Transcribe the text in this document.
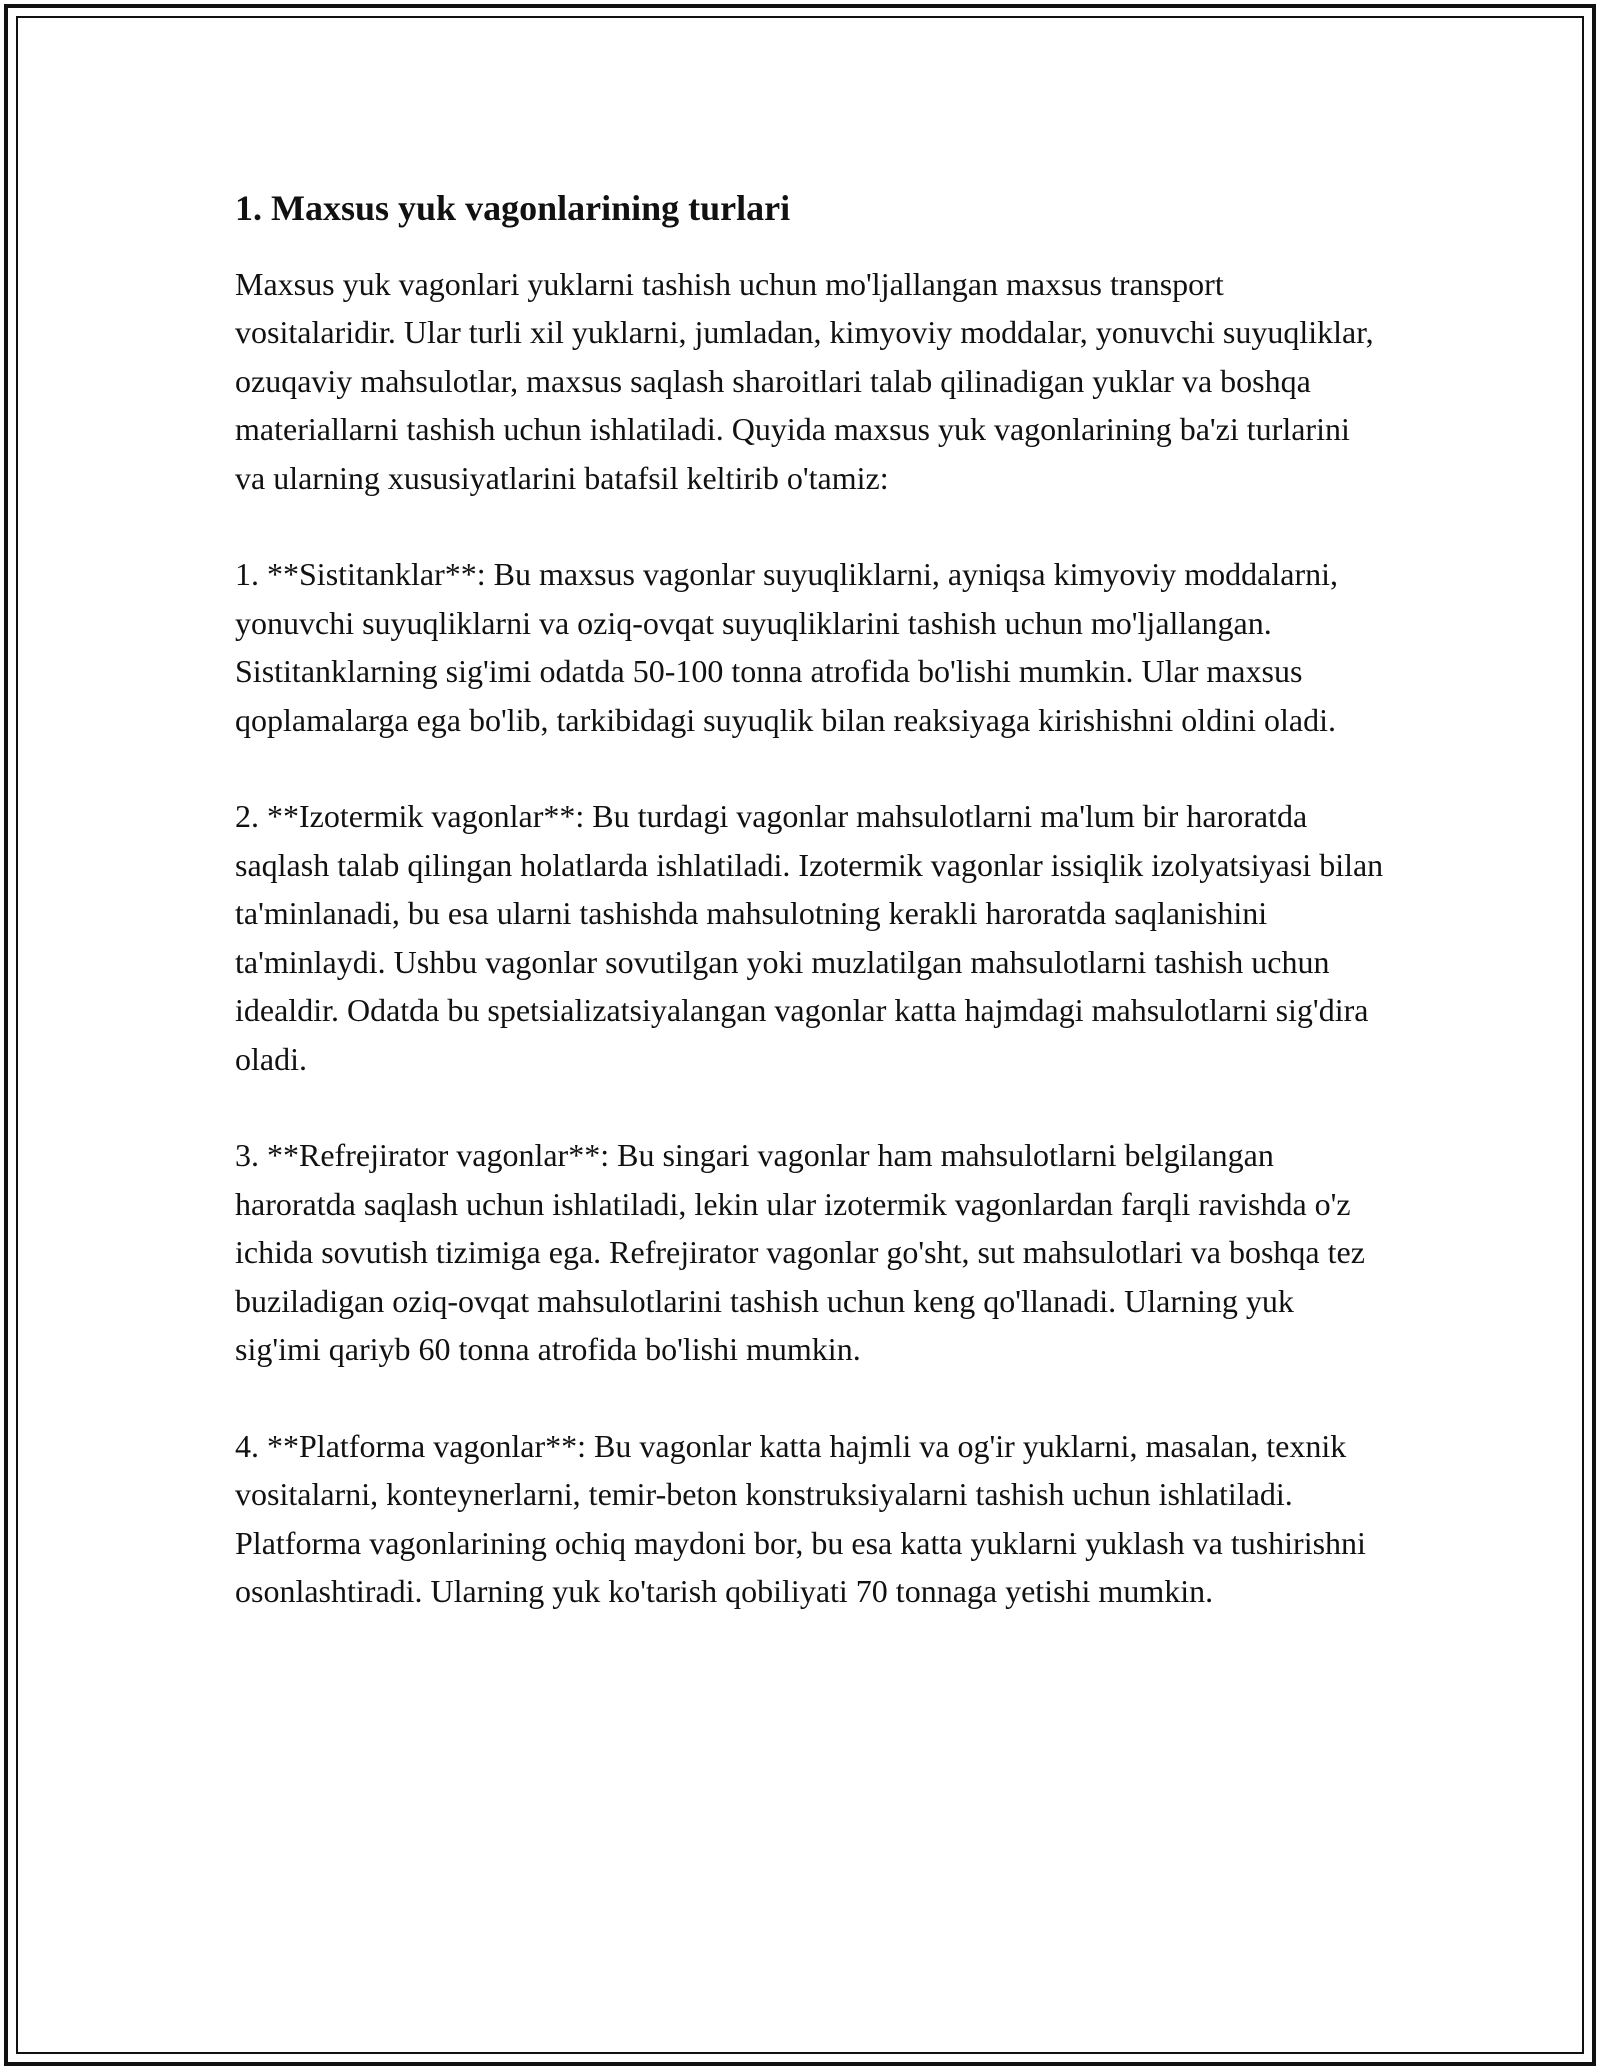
1. Maxsus yuk vagonlarining turlari

Maxsus yuk vagonlari yuklarni tashish uchun mo'ljallangan maxsus transport vositalaridir. Ular turli xil yuklarni, jumladan, kimyoviy moddalar, yonuvchi suyuqliklar, ozuqaviy mahsulotlar, maxsus saqlash sharoitlari talab qilinadigan yuklar va boshqa materiallarni tashish uchun ishlatiladi. Quyida maxsus yuk vagonlarining ba'zi turlarini va ularning xususiyatlarini batafsil keltirib o'tamiz:

1. **Sistitanklar**: Bu maxsus vagonlar suyuqliklarni, ayniqsa kimyoviy moddalarni, yonuvchi suyuqliklarni va oziq-ovqat suyuqliklarini tashish uchun mo'ljallangan. Sistitanklarning sig'imi odatda 50-100 tonna atrofida bo'lishi mumkin. Ular maxsus qoplamalarga ega bo'lib, tarkibidagi suyuqlik bilan reaksiyaga kirishishni oldini oladi.

2. **Izotermik vagonlar**: Bu turdagi vagonlar mahsulotlarni ma'lum bir haroratda saqlash talab qilingan holatlarda ishlatiladi. Izotermik vagonlar issiqlik izolyatsiyasi bilan ta'minlanadi, bu esa ularni tashishda mahsulotning kerakli haroratda saqlanishini ta'minlaydi. Ushbu vagonlar sovutilgan yoki muzlatilgan mahsulotlarni tashish uchun idealdir. Odatda bu spetsializatsiyalangan vagonlar katta hajmdagi mahsulotlarni sig'dira oladi.

3. **Refrejirator vagonlar**: Bu singari vagonlar ham mahsulotlarni belgilangan haroratda saqlash uchun ishlatiladi, lekin ular izotermik vagonlardan farqli ravishda o'z ichida sovutish tizimiga ega. Refrejirator vagonlar go'sht, sut mahsulotlari va boshqa tez buziladigan oziq-ovqat mahsulotlarini tashish uchun keng qo'llanadi. Ularning yuk sig'imi qariyb 60 tonna atrofida bo'lishi mumkin.

4. **Platforma vagonlar**: Bu vagonlar katta hajmli va og'ir yuklarni, masalan, texnik vositalarni, konteynerlarni, temir-beton konstruksiyalarni tashish uchun ishlatiladi. Platforma vagonlarining ochiq maydoni bor, bu esa katta yuklarni yuklash va tushirishni osonlashtiradi. Ularning yuk ko'tarish qobiliyati 70 tonnaga yetishi mumkin.
